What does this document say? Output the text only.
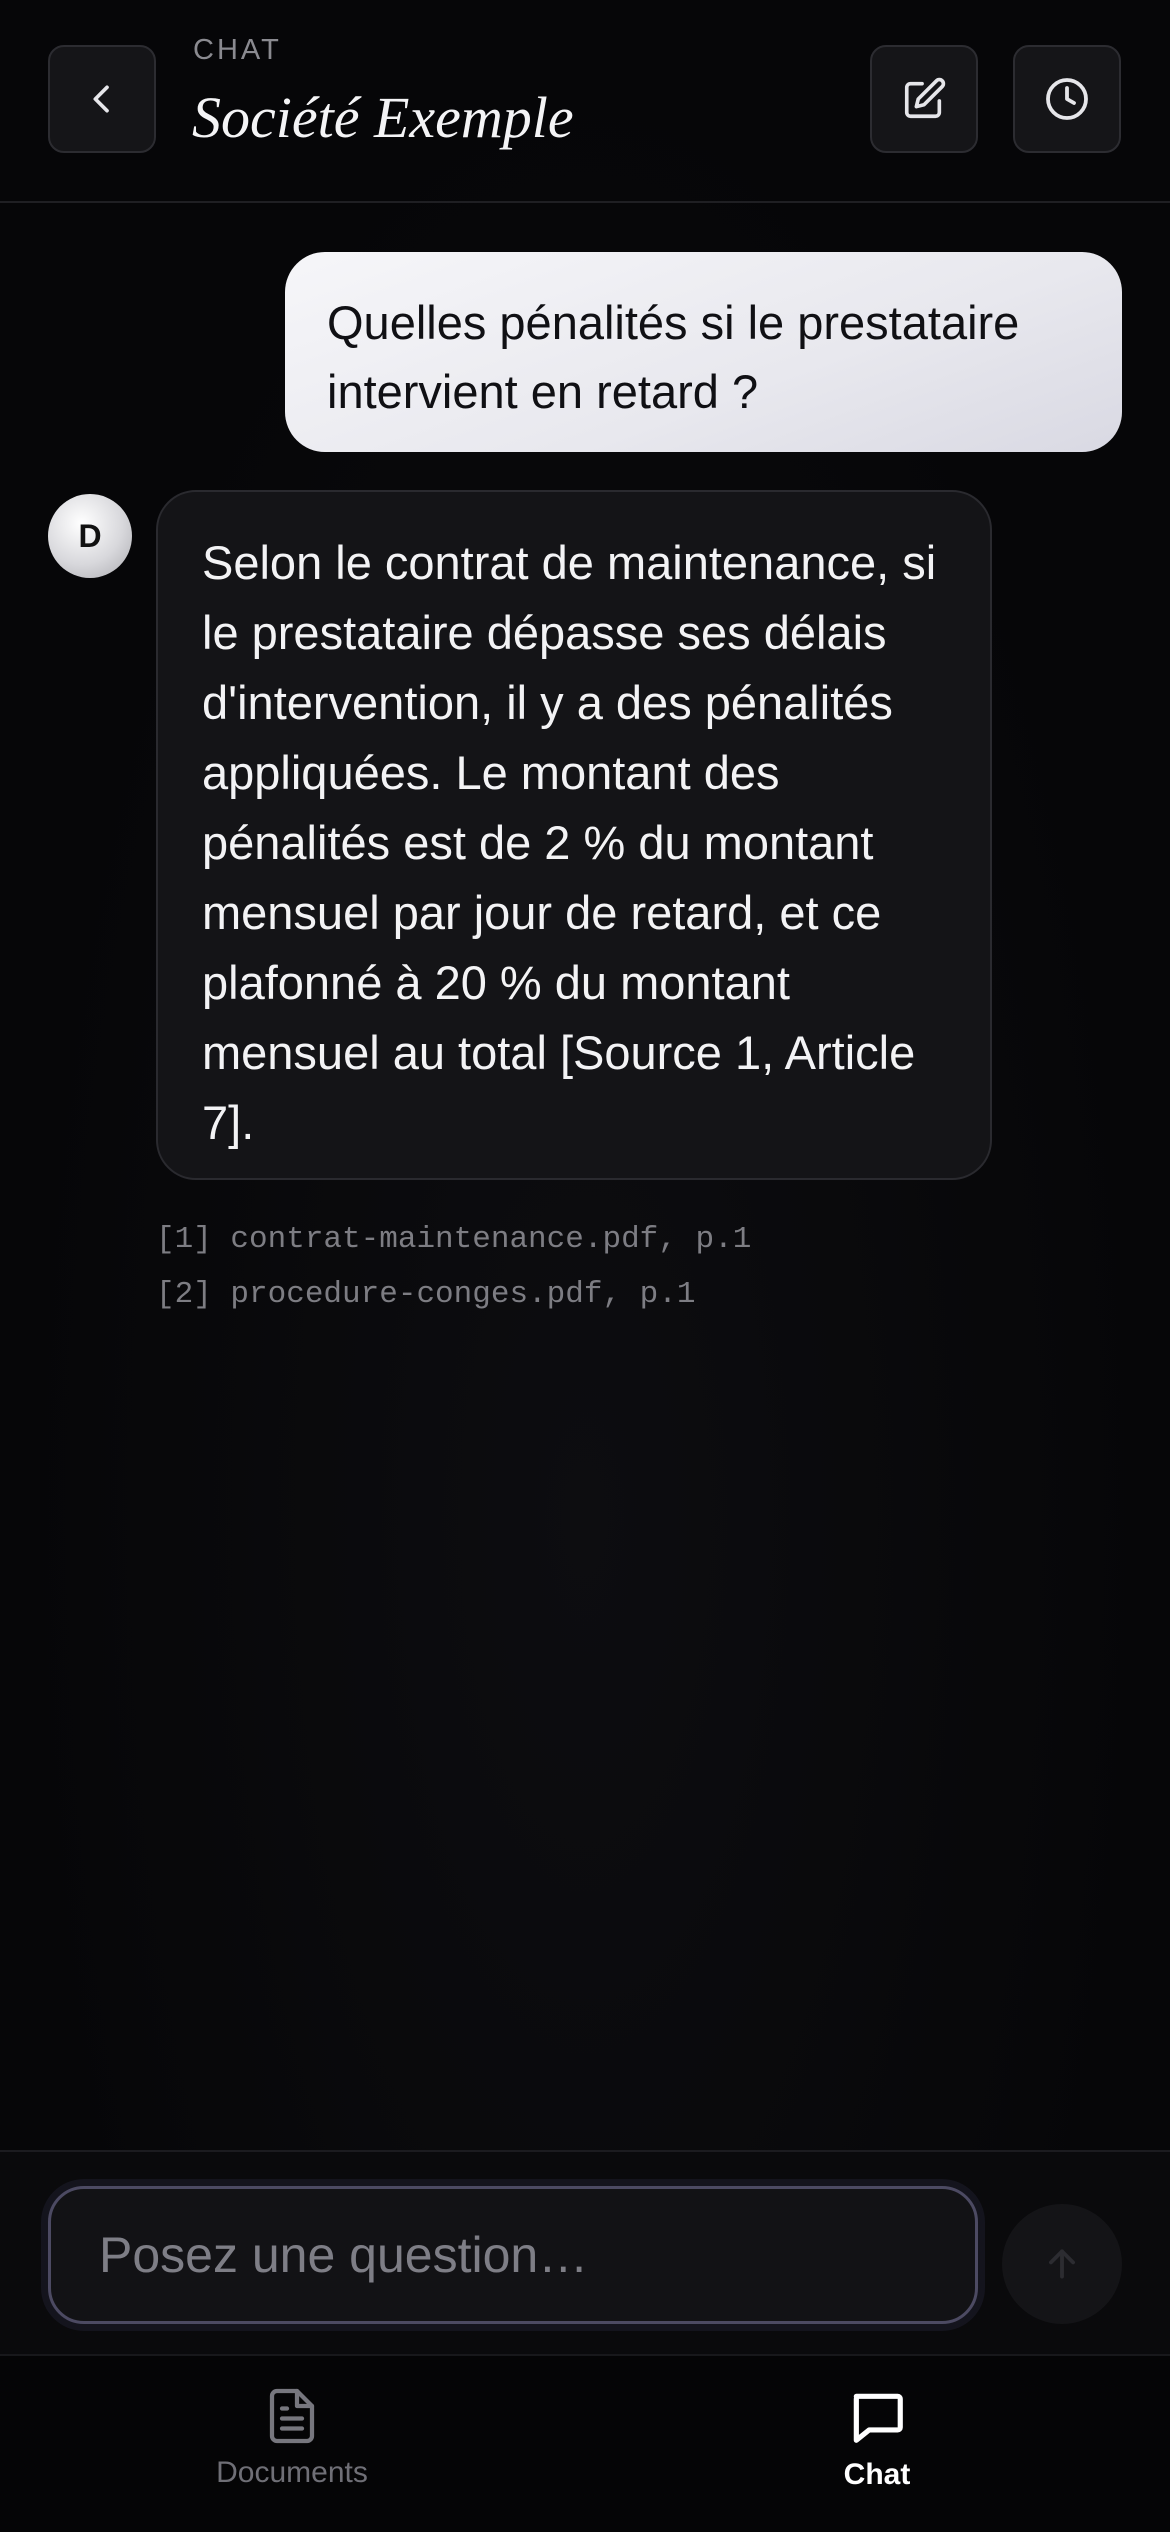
CHAT
Société Exemple
Quelles pénalités si le prestataire intervient en retard ?
D
Selon le contrat de maintenance, si le prestataire dépasse ses délais d'intervention, il y a des pénalités appliquées. Le montant des pénalités est de 2 % du montant mensuel par jour de retard, et ce plafonné à 20 % du montant mensuel au total [Source 1, Article 7].
[1] contrat-maintenance.pdf, p.1
[2] procedure-conges.pdf, p.1
Posez une question…
Documents	Chat
